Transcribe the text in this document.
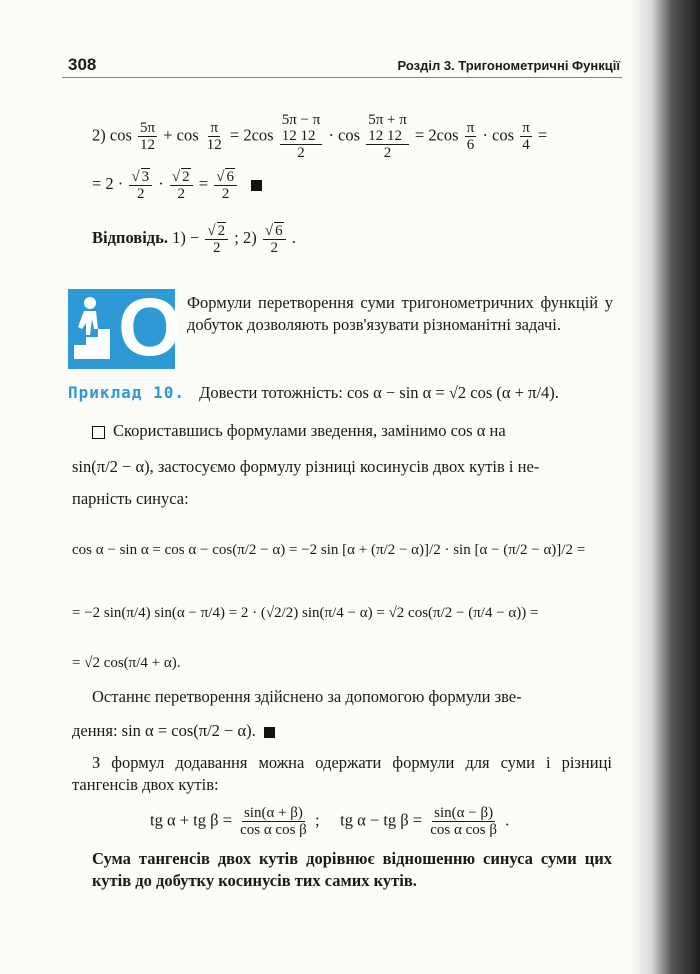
308	Розділ 3. Тригонометричні Функції
2) $\cos \frac{5\pi}{12} + \cos \frac{\pi}{12} = 2\cos$
5π − π
12 12
2
· cos
5π + π
12 12
2
= $2\cos \frac{\pi}{6} \cdot \cos \frac{\pi}{4}$ =
= $2 \cdot \frac{√ 3}{2} \cdot \frac{√ 2}{2} = \frac{√ 6}{2}$

Відповідь. $1) - \frac{√ 2}{2}$ ; $2) \frac{√ 6}{2}$ .
O Формули перетворення суми тригонометричних функцій у добуток дозволяють розв'язувати різноманітні задачі.
Приклад 10. Довести тотожність: cos α − sin α = √2 cos (α + π/4).
Скориставшись формулами зведення, замінимо cos α на
sin(π/2 − α), застосуємо формулу різниці косинусів двох кутів і не-
парність синуса:
cos α − sin α = cos α − cos(π/2 − α) = −2 sin [α + (π/2 − α)]/2 · sin [α − (π/2 − α)]/2 =
= −2 sin(π/4) sin(α − π/4) = 2 · (√2/2) sin(π/4 − α) = √2 cos(π/2 − (π/4 − α)) =
= √2 cos(π/4 + α).
Останнє перетворення здійснено за допомогою формули зве-
дення: sin α = cos(π/2 − α).
З формул додавання можна одержати формули для суми і різниці тангенсів двох кутів:
tg α + tg $\beta = \frac{\sin(\alpha + \beta)}{\text{cos α cos β}}$ ; tg α − tg $\beta = \frac{\sin(\alpha - \beta)}{\text{cos α cos β}}$ .
Сума тангенсів двох кутів дорівнює відношенню синуса суми цих кутів до добутку косинусів тих самих кутів.
